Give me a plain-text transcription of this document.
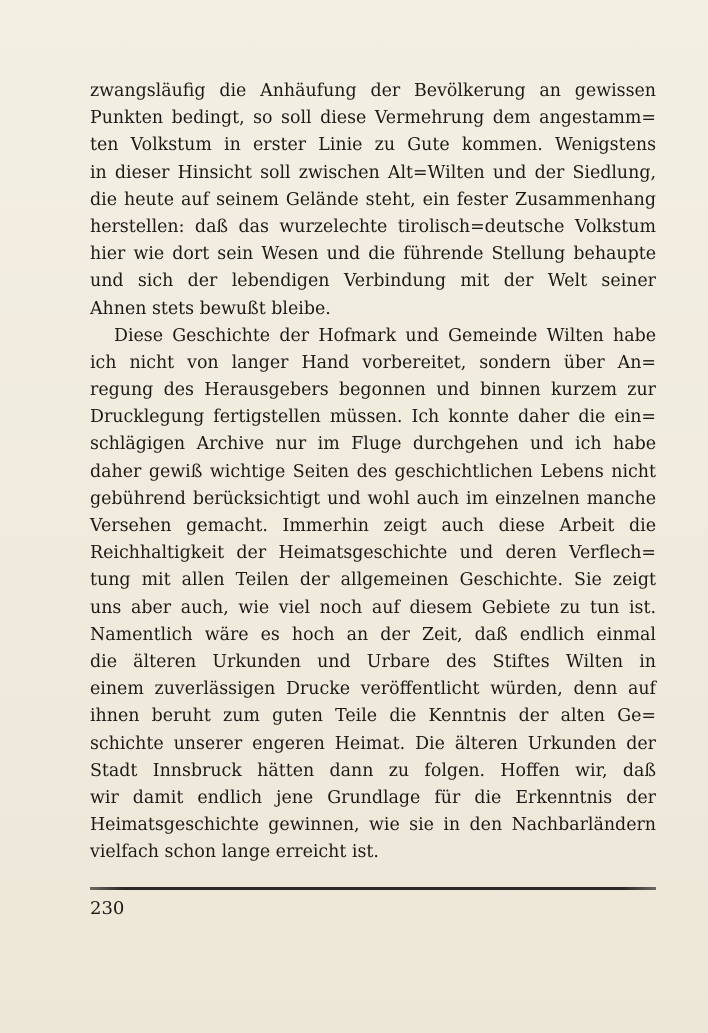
zwangsläufig die Anhäufung der Bevölkerung an gewissen
Punkten bedingt, so soll diese Vermehrung dem angestamm=
ten Volkstum in erster Linie zu Gute kommen. Wenigstens
in dieser Hinsicht soll zwischen Alt=Wilten und der Siedlung,
die heute auf seinem Gelände steht, ein fester Zusammenhang
herstellen: daß das wurzelechte tirolisch=deutsche Volkstum
hier wie dort sein Wesen und die führende Stellung behaupte
und sich der lebendigen Verbindung mit der Welt seiner
Ahnen stets bewußt bleibe.
Diese Geschichte der Hofmark und Gemeinde Wilten habe
ich nicht von langer Hand vorbereitet, sondern über An=
regung des Herausgebers begonnen und binnen kurzem zur
Drucklegung fertigstellen müssen. Ich konnte daher die ein=
schlägigen Archive nur im Fluge durchgehen und ich habe
daher gewiß wichtige Seiten des geschichtlichen Lebens nicht
gebührend berücksichtigt und wohl auch im einzelnen manche
Versehen gemacht. Immerhin zeigt auch diese Arbeit die
Reichhaltigkeit der Heimatsgeschichte und deren Verflech=
tung mit allen Teilen der allgemeinen Geschichte. Sie zeigt
uns aber auch, wie viel noch auf diesem Gebiete zu tun ist.
Namentlich wäre es hoch an der Zeit, daß endlich einmal
die älteren Urkunden und Urbare des Stiftes Wilten in
einem zuverlässigen Drucke veröffentlicht würden, denn auf
ihnen beruht zum guten Teile die Kenntnis der alten Ge=
schichte unserer engeren Heimat. Die älteren Urkunden der
Stadt Innsbruck hätten dann zu folgen. Hoffen wir, daß
wir damit endlich jene Grundlage für die Erkenntnis der
Heimatsgeschichte gewinnen, wie sie in den Nachbarländern
vielfach schon lange erreicht ist.
230
